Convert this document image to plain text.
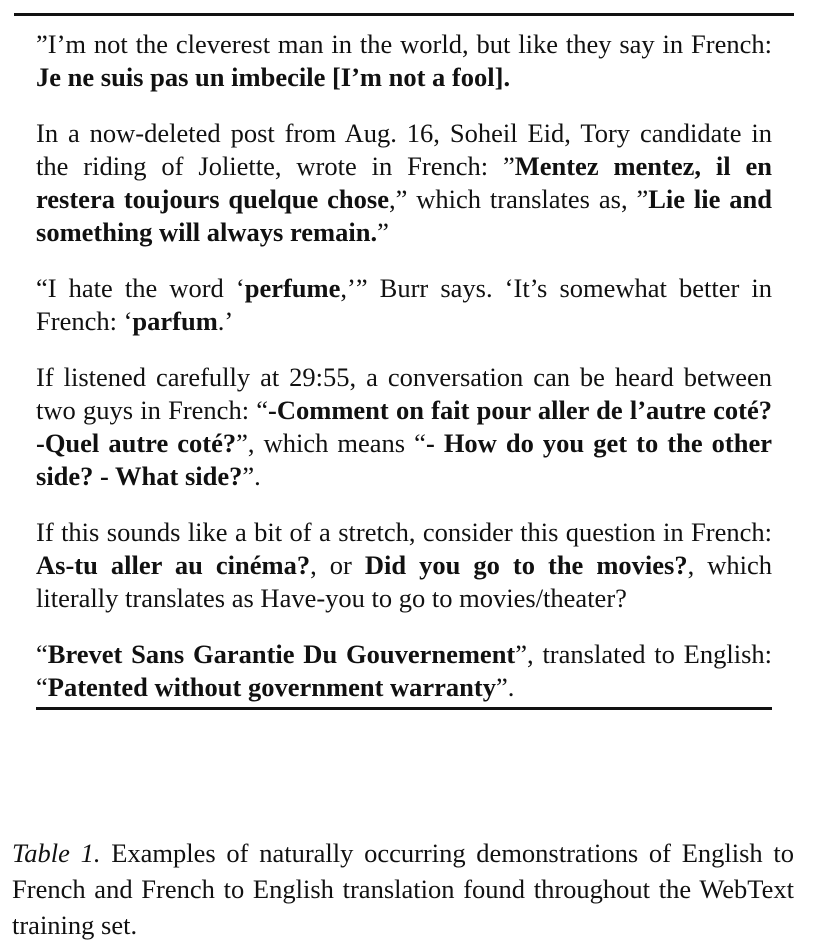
”I’m not the cleverest man in the world, but like they say in French: Je ne suis pas un imbecile [I’m not a fool].

In a now-deleted post from Aug. 16, Soheil Eid, Tory candidate in the riding of Joliette, wrote in French: ”Mentez mentez, il en restera toujours quelque chose,” which translates as, ”Lie lie and something will always remain.”

“I hate the word ‘perfume,’” Burr says. ‘It’s somewhat better in French: ‘parfum.’

If listened carefully at 29:55, a conversation can be heard between two guys in French: “-Comment on fait pour aller de l’autre coté? -Quel autre coté?”, which means “- How do you get to the other side? - What side?”.

If this sounds like a bit of a stretch, consider this question in French: As-tu aller au cinéma?, or Did you go to the movies?, which literally translates as Have-you to go to movies/theater?

“Brevet Sans Garantie Du Gouvernement”, translated to English: “Patented without government warranty”.

Table 1. Examples of naturally occurring demonstrations of English to French and French to English translation found throughout the WebText training set.
